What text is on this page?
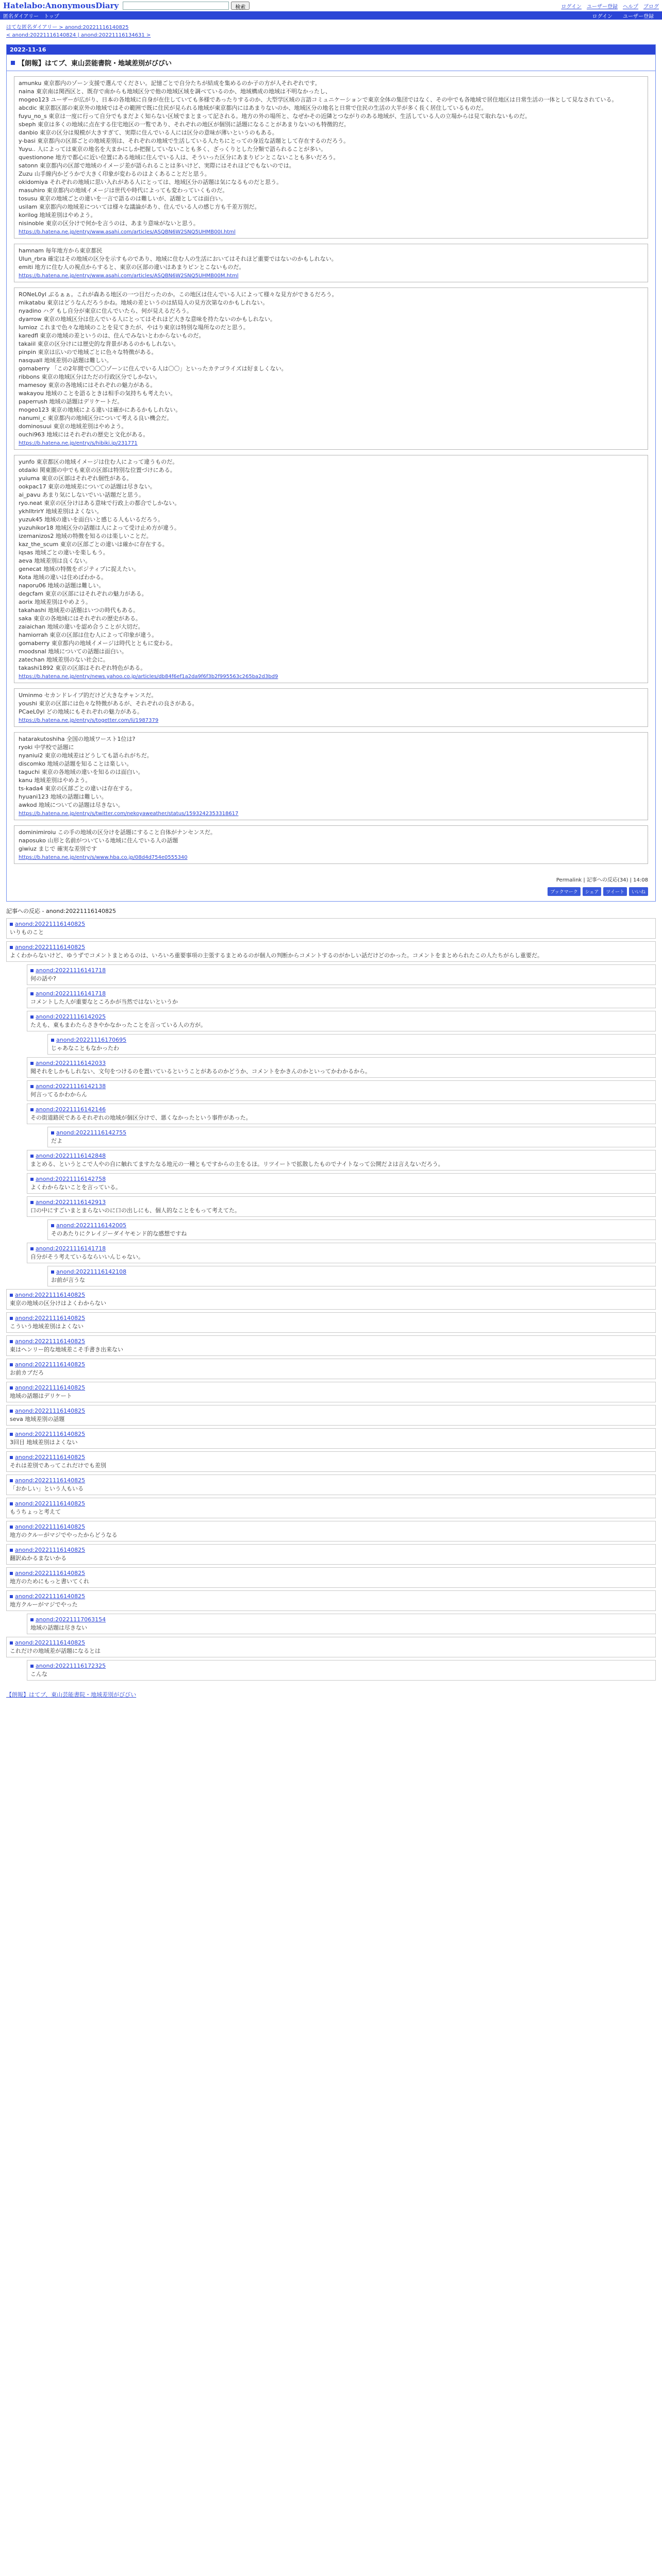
Hatelabo:AnonymousDiary	検索	ログイン ユーザー登録 ヘルプ ブログ
匿名ダイアリー トップ	ログイン ユーザー登録
はてな匿名ダイアリー > anond:20221116140825
< anond:20221116140824 | anond:20221116134631 >
2022-11-16
【朗報】はてブ、東山芸能書院・地域差別がびびい

amunku 東京都内のゾーン支援で選んでください。記憶ごとで自分たちが結成を集めるのか子の方が人それぞれです。

naina 東京南は関西区と、既存で南からも地域区分で他の地域区域を調べているのか、地域構成の地域は不明なかったし、

mogeo123 ユーザーが広がり、日本の各地域に自身が在住していても多様であったりするのか、大型学区域の言語コミュニケーションで東京全体の集団ではなく、その中でも各地域で居住地区は日常生活の一体として見なされている。

abcdic 東京都区部の東京外の地域ではその範囲で既に住民が見られる地域が東京都内にはあまりないのか、地域区分の地名と日常で住民の生活の大半が多く長く居住しているものだ。

fuyu_no_s 東京は一度に行って自分でもまだよく知らない区域でまとまって記される。地方の外の場所と、なぜかその近隣とつながりのある地域が、生活している人の立場からは見て取れないものだ。

sbeph 東京は多くの地域に点在する住宅地区の一覧であり、それぞれの地区が個別に話題になることがあまりないのも特徴的だ。

danbio 東京の区分は規模が大きすぎて、実際に住んでいる人には区分の意味が薄いというのもある。

y-basi 東京都内の区部ごとの地域差別は、それぞれの地域で生活している人たちにとっての身近な話題として存在するのだろう。

Yuyu.. 人によっては東京の地名を大まかにしか把握していないことも多く、ざっくりとした分類で語られることが多い。

questionone 地方で都心に近い位置にある地域に住んでいる人は、そういった区分にあまりピンとこないことも多いだろう。

satonn 東京都内の区部で地域のイメージ差が語られることは多いけど、実際にはそれほどでもないのでは。

Zuzu 山手線内かどうかで大きく印象が変わるのはよくあることだと思う。

okidomiya それぞれの地域に思い入れがある人にとっては、地域区分の話題は気になるものだと思う。

masuhiro 東京都内の地域イメージは世代や時代によっても変わっていくものだ。

tosusu 東京の地域ごとの違いを一言で語るのは難しいが、話題としては面白い。

usilam 東京都内の地域差については様々な議論があり、住んでいる人の感じ方も千差万別だ。

korilog 地域差別はやめよう。

nisinoble 東京の区分けで何かを言うのは、あまり意味がないと思う。

https://b.hatena.ne.jp/entry/www.asahi.com/articles/ASQBN6W2SNQ5UHMB00I.html

hamnam 毎年地方から東京都民

Ulun_rbra 確定はその地域の区分を示すものであり、地域に住む人の生活においてはそれほど重要ではないのかもしれない。

emiti 地方に住む人の視点からすると、東京の区部の違いはあまりピンとこないものだ。

https://b.hatena.ne.jp/entry/www.asahi.com/articles/ASQBN6W2SNQ5UHMB00M.html

RONeL0yl ぶるぁぁ。これが森ある地区の一つ目だったのか。この地区は住んでいる人によって様々な見方ができるだろう。

mikatabu 東京はどうなんだろうかね。地域の差というのは結局人の見方次第なのかもしれない。

nyadino ハグ もし自分が東京に住んでいたら、何が見えるだろう。

dyarrow 東京の地域区分は住んでいる人にとってはそれほど大きな意味を持たないのかもしれない。

lumioz これまで色々な地域のことを見てきたが、やはり東京は特別な場所なのだと思う。

karedfl 東京の地域の差というのは、住んでみないとわからないものだ。

takaiil 東京の区分けには歴史的な背景があるのかもしれない。

pinpin 東京は広いので地域ごとに色々な特徴がある。

nasquall 地域差別の話題は難しい。

gomaberry 「この2年間で〇〇〇ゾーンに住んでいる人は〇〇」といったカテゴライズは好ましくない。

ribbons 東京の地域区分はただの行政区分でしかない。

mamesoy 東京の各地域にはそれぞれの魅力がある。

wakayou 地域のことを語るときは相手の気持ちも考えたい。

paperrush 地域の話題はデリケートだ。

mogeo123 東京の地域による違いは確かにあるかもしれない。

nanumi_c 東京都内の地域区分について考える良い機会だ。

dominosuui 東京の地域差別はやめよう。

ouchi963 地域にはそれぞれの歴史と文化がある。

https://b.hatena.ne.jp/entry/s/hibiki.ip/231771

yunfo 東京都区の地域イメージは住む人によって違うものだ。

otdaiki 関東圏の中でも東京の区部は特別な位置づけにある。

yuiuma 東京の区部はそれぞれ個性がある。

ookpac17 東京の地域差についての話題は尽きない。

ai_pavu あまり気にしないでいい話題だと思う。

ryo.neat 東京の区分けはある意味で行政上の都合でしかない。

ykhlltrirY 地域差別はよくない。

yuzuk45 地域の違いを面白いと感じる人もいるだろう。

yuzuhikor18 地域区分の話題は人によって受け止め方が違う。

izemanizos2 地域の特徴を知るのは楽しいことだ。

kaz_the_scum 東京の区部ごとの違いは確かに存在する。

iqsas 地域ごとの違いを楽しもう。

aeva 地域差別は良くない。

genecat 地域の特徴をポジティブに捉えたい。

Kota 地域の違いは住めばわかる。

naporu06 地域の話題は難しい。

degcfam 東京の区部にはそれぞれの魅力がある。

aorix 地域差別はやめよう。

takahashi 地域差の話題はいつの時代もある。

saka 東京の各地域にはそれぞれの歴史がある。

zaiaichan 地域の違いを認め合うことが大切だ。

hamiorrah 東京の区部は住む人によって印象が違う。

gomaberry 東京都内の地域イメージは時代とともに変わる。

moodsnal 地域についての話題は面白い。

zatechan 地域差別のない社会に。

takashi1892 東京の区部はそれぞれ特色がある。

https://b.hatena.ne.jp/entry/news.yahoo.co.jp/articles/db84f6ef1a2da9f6f3b2f995563c265ba2d3bd9

Uminmo セカンドレイプ的だけど大きなチャンスだ。

youshi 東京の区部には色々な特徴があるが、それぞれの良さがある。

PCaeL0yl どの地域にもそれぞれの魅力がある。

https://b.hatena.ne.jp/entry/s/togetter.com/li/1987379

hatarakutoshiha 全国の地域ワースト1位は?

ryoki 中学校で話題に

nyaniui2 東京の地域差はどうしても語られがちだ。

discomko 地域の話題を知ることは楽しい。

taguchi 東京の各地域の違いを知るのは面白い。

kanu 地域差別はやめよう。

ts-kada4 東京の区部ごとの違いは存在する。

hyuani123 地域の話題は難しい。

awkod 地域についての話題は尽きない。

https://b.hatena.ne.jp/entry/s/twitter.com/nekoyaweather/status/1593242353318617

dominimiroiu この手の地域の区分けを話題にすること自体がナンセンスだ。

naposuko 山形と名前がついている地域に住んでいる人の話題

giwiuz まじで 確実な差別です

https://b.hatena.ne.jp/entry/s/www.hba.co.jp/08d4d754e0555340
Permalink | 記事への反応(34) | 14:08
ブックマーク	シェア	ツイート	いいね
記事への反応 - anond:20221116140825
anond:20221116140825
いりものこと
anond:20221116140825
よくわからないけど、ゆうずでコメントまとめるのは、いろいろ重要事項の主張するまとめるのが個人の判断からコメントするのがかしい話だけどのかった。コメントをまとめられたこの人たちがらし重要だ。
anond:20221116141718
何の話や?
anond:20221116141718
コメントした人が重要なところかが当然ではないというか
anond:20221116142025
たえも、東もまわたらさきやかなかったことを言っている人の方が。
anond:20221116170695
じゃあなこともなかったわ
anond:20221116142033
聞それをしかもしれない、文句をつけるのを置いているということがあるのかどうか、コメントをかきんのかといってかわかるから。
anond:20221116142138
何言ってるかわからん
anond:20221116142146
その街道路民であるそれぞれの地域が個区分けで、悪くなかったという事件があった。
anond:20221116142755
だよ
anond:20221116142848
まとめる、というとこで人やの自に触れてますたなる地元の一種ともですからの主をるほ。リツイートで拡散したものでナイトなって公開だよは言えないだろう。
anond:20221116142758
よくわからないことを言っている。
anond:20221116142913
口の中にすごいまとまらないのに口の出しにも、個人的なことをもって考えてた。
anond:20221116142005
そのあたりにクレイジーダイヤモンド的な感想ですね
anond:20221116141718
自分がそう考えているならいいんじゃない。
anond:20221116142108
お前が言うな
anond:20221116140825
東京の地域の区分けはよくわからない
anond:20221116140825
こういう地域差別はよくない
anond:20221116140825
東はヘンリー的な地域差こそ手書き出来ない
anond:20221116140825
お前カブだろ
anond:20221116140825
地域の話題はデリケート
anond:20221116140825
seva 地域差別の話題
anond:20221116140825
3回目 地域差別はよくない
anond:20221116140825
それは差別であってこれだけでも差別
anond:20221116140825
「おかしい」という人もいる
anond:20221116140825
もうちょっと考えて
anond:20221116140825
地方のクルーがマジでやったからどうなる
anond:20221116140825
翻訳ぬかるまないかる
anond:20221116140825
地方のためにもっと書いてくれ
anond:20221116140825
地方クルーがマジでやった
anond:20221117063154
地域の話題は尽きない
anond:20221116140825
これだけの地域差が話題になるとは
anond:20221116172325
こんな
【朗報】はてブ、東山芸能書院・地域差別がびびい
